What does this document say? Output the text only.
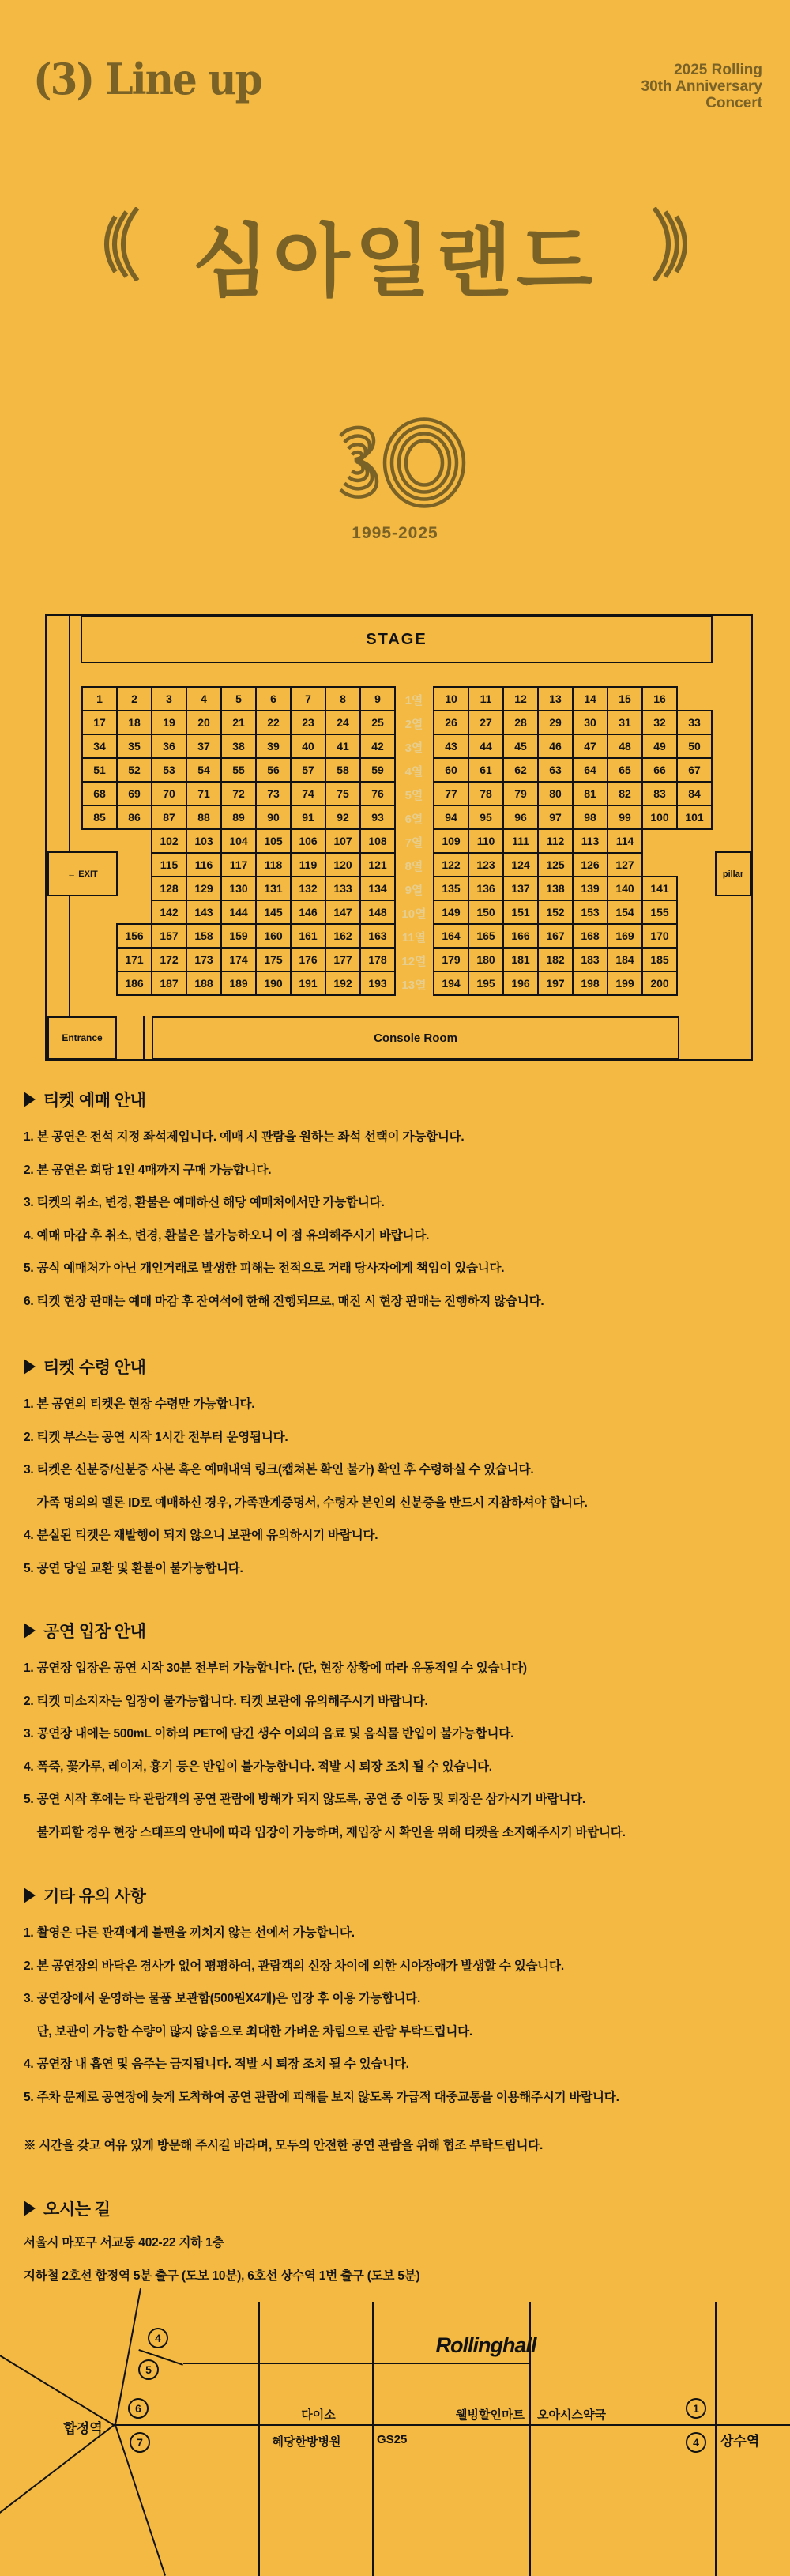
(3) Line up	2025 Rolling
30th Anniversary
Concert
심아일랜드
1995-2025
STAGE
1	2	3	4	5	6	7	8	9	10	11	12	13	14	15	16
1열
17	18	19	20	21	22	23	24	25	26	27	28	29	30	31	32	33
2열
34	35	36	37	38	39	40	41	42	43	44	45	46	47	48	49	50
3열
51	52	53	54	55	56	57	58	59	60	61	62	63	64	65	66	67
4열
68	69	70	71	72	73	74	75	76	77	78	79	80	81	82	83	84
5열
85	86	87	88	89	90	91	92	93	94	95	96	97	98	99	100	101
6열
102	103	104	105	106	107	108	109	110	111	112	113	114
7열
115	116	117	118	119	120	121	122	123	124	125	126	127
8열
128	129	130	131	132	133	134	135	136	137	138	139	140	141
9열
142	143	144	145	146	147	148	149	150	151	152	153	154	155
10열
156	157	158	159	160	161	162	163	164	165	166	167	168	169	170
11열
171	172	173	174	175	176	177	178	179	180	181	182	183	184	185
12열
186	187	188	189	190	191	192	193	194	195	196	197	198	199	200
13열
← EXIT	pillar
Entrance	Console Room
티켓 예매 안내
1. 본 공연은 전석 지정 좌석제입니다. 예매 시 관람을 원하는 좌석 선택이 가능합니다.
2. 본 공연은 회당 1인 4매까지 구매 가능합니다.
3. 티켓의 취소, 변경, 환불은 예매하신 해당 예매처에서만 가능합니다.
4. 예매 마감 후 취소, 변경, 환불은 불가능하오니 이 점 유의해주시기 바랍니다.
5. 공식 예매처가 아닌 개인거래로 발생한 피해는 전적으로 거래 당사자에게 책임이 있습니다.
6. 티켓 현장 판매는 예매 마감 후 잔여석에 한해 진행되므로, 매진 시 현장 판매는 진행하지 않습니다.
티켓 수령 안내
1. 본 공연의 티켓은 현장 수령만 가능합니다.
2. 티켓 부스는 공연 시작 1시간 전부터 운영됩니다.
3. 티켓은 신분증/신분증 사본 혹은 예매내역 링크(캡쳐본 확인 불가) 확인 후 수령하실 수 있습니다.
가족 명의의 멜론 ID로 예매하신 경우, 가족관계증명서, 수령자 본인의 신분증을 반드시 지참하셔야 합니다.
4. 분실된 티켓은 재발행이 되지 않으니 보관에 유의하시기 바랍니다.
5. 공연 당일 교환 및 환불이 불가능합니다.
공연 입장 안내
1. 공연장 입장은 공연 시작 30분 전부터 가능합니다. (단, 현장 상황에 따라 유동적일 수 있습니다)
2. 티켓 미소지자는 입장이 불가능합니다. 티켓 보관에 유의해주시기 바랍니다.
3. 공연장 내에는 500mL 이하의 PET에 담긴 생수 이외의 음료 및 음식물 반입이 불가능합니다.
4. 폭죽, 꽃가루, 레이저, 흉기 등은 반입이 불가능합니다. 적발 시 퇴장 조치 될 수 있습니다.
5. 공연 시작 후에는 타 관람객의 공연 관람에 방해가 되지 않도록, 공연 중 이동 및 퇴장은 삼가시기 바랍니다.
불가피할 경우 현장 스태프의 안내에 따라 입장이 가능하며, 재입장 시 확인을 위해 티켓을 소지해주시기 바랍니다.
기타 유의 사항
1. 촬영은 다른 관객에게 불편을 끼치지 않는 선에서 가능합니다.
2. 본 공연장의 바닥은 경사가 없어 평평하여, 관람객의 신장 차이에 의한 시야장애가 발생할 수 있습니다.
3. 공연장에서 운영하는 물품 보관함(500원X4개)은 입장 후 이용 가능합니다.
단, 보관이 가능한 수량이 많지 않음으로 최대한 가벼운 차림으로 관람 부탁드립니다.
4. 공연장 내 흡연 및 음주는 금지됩니다. 적발 시 퇴장 조치 될 수 있습니다.
5. 주차 문제로 공연장에 늦게 도착하여 공연 관람에 피해를 보지 않도록 가급적 대중교통을 이용해주시기 바랍니다.
※ 시간을 갖고 여유 있게 방문해 주시길 바라며, 모두의 안전한 공연 관람을 위해 협조 부탁드립니다.
오시는 길
서울시 마포구 서교동 402-22 지하 1층
지하철 2호선 합정역 5분 출구 (도보 10분), 6호선 상수역 1번 출구 (도보 5분)
Rollinghall
합정역
상수역
다이소	웰빙할인마트 오아시스약국
혜당한방병원	GS25
4
5
6
7
1
4
